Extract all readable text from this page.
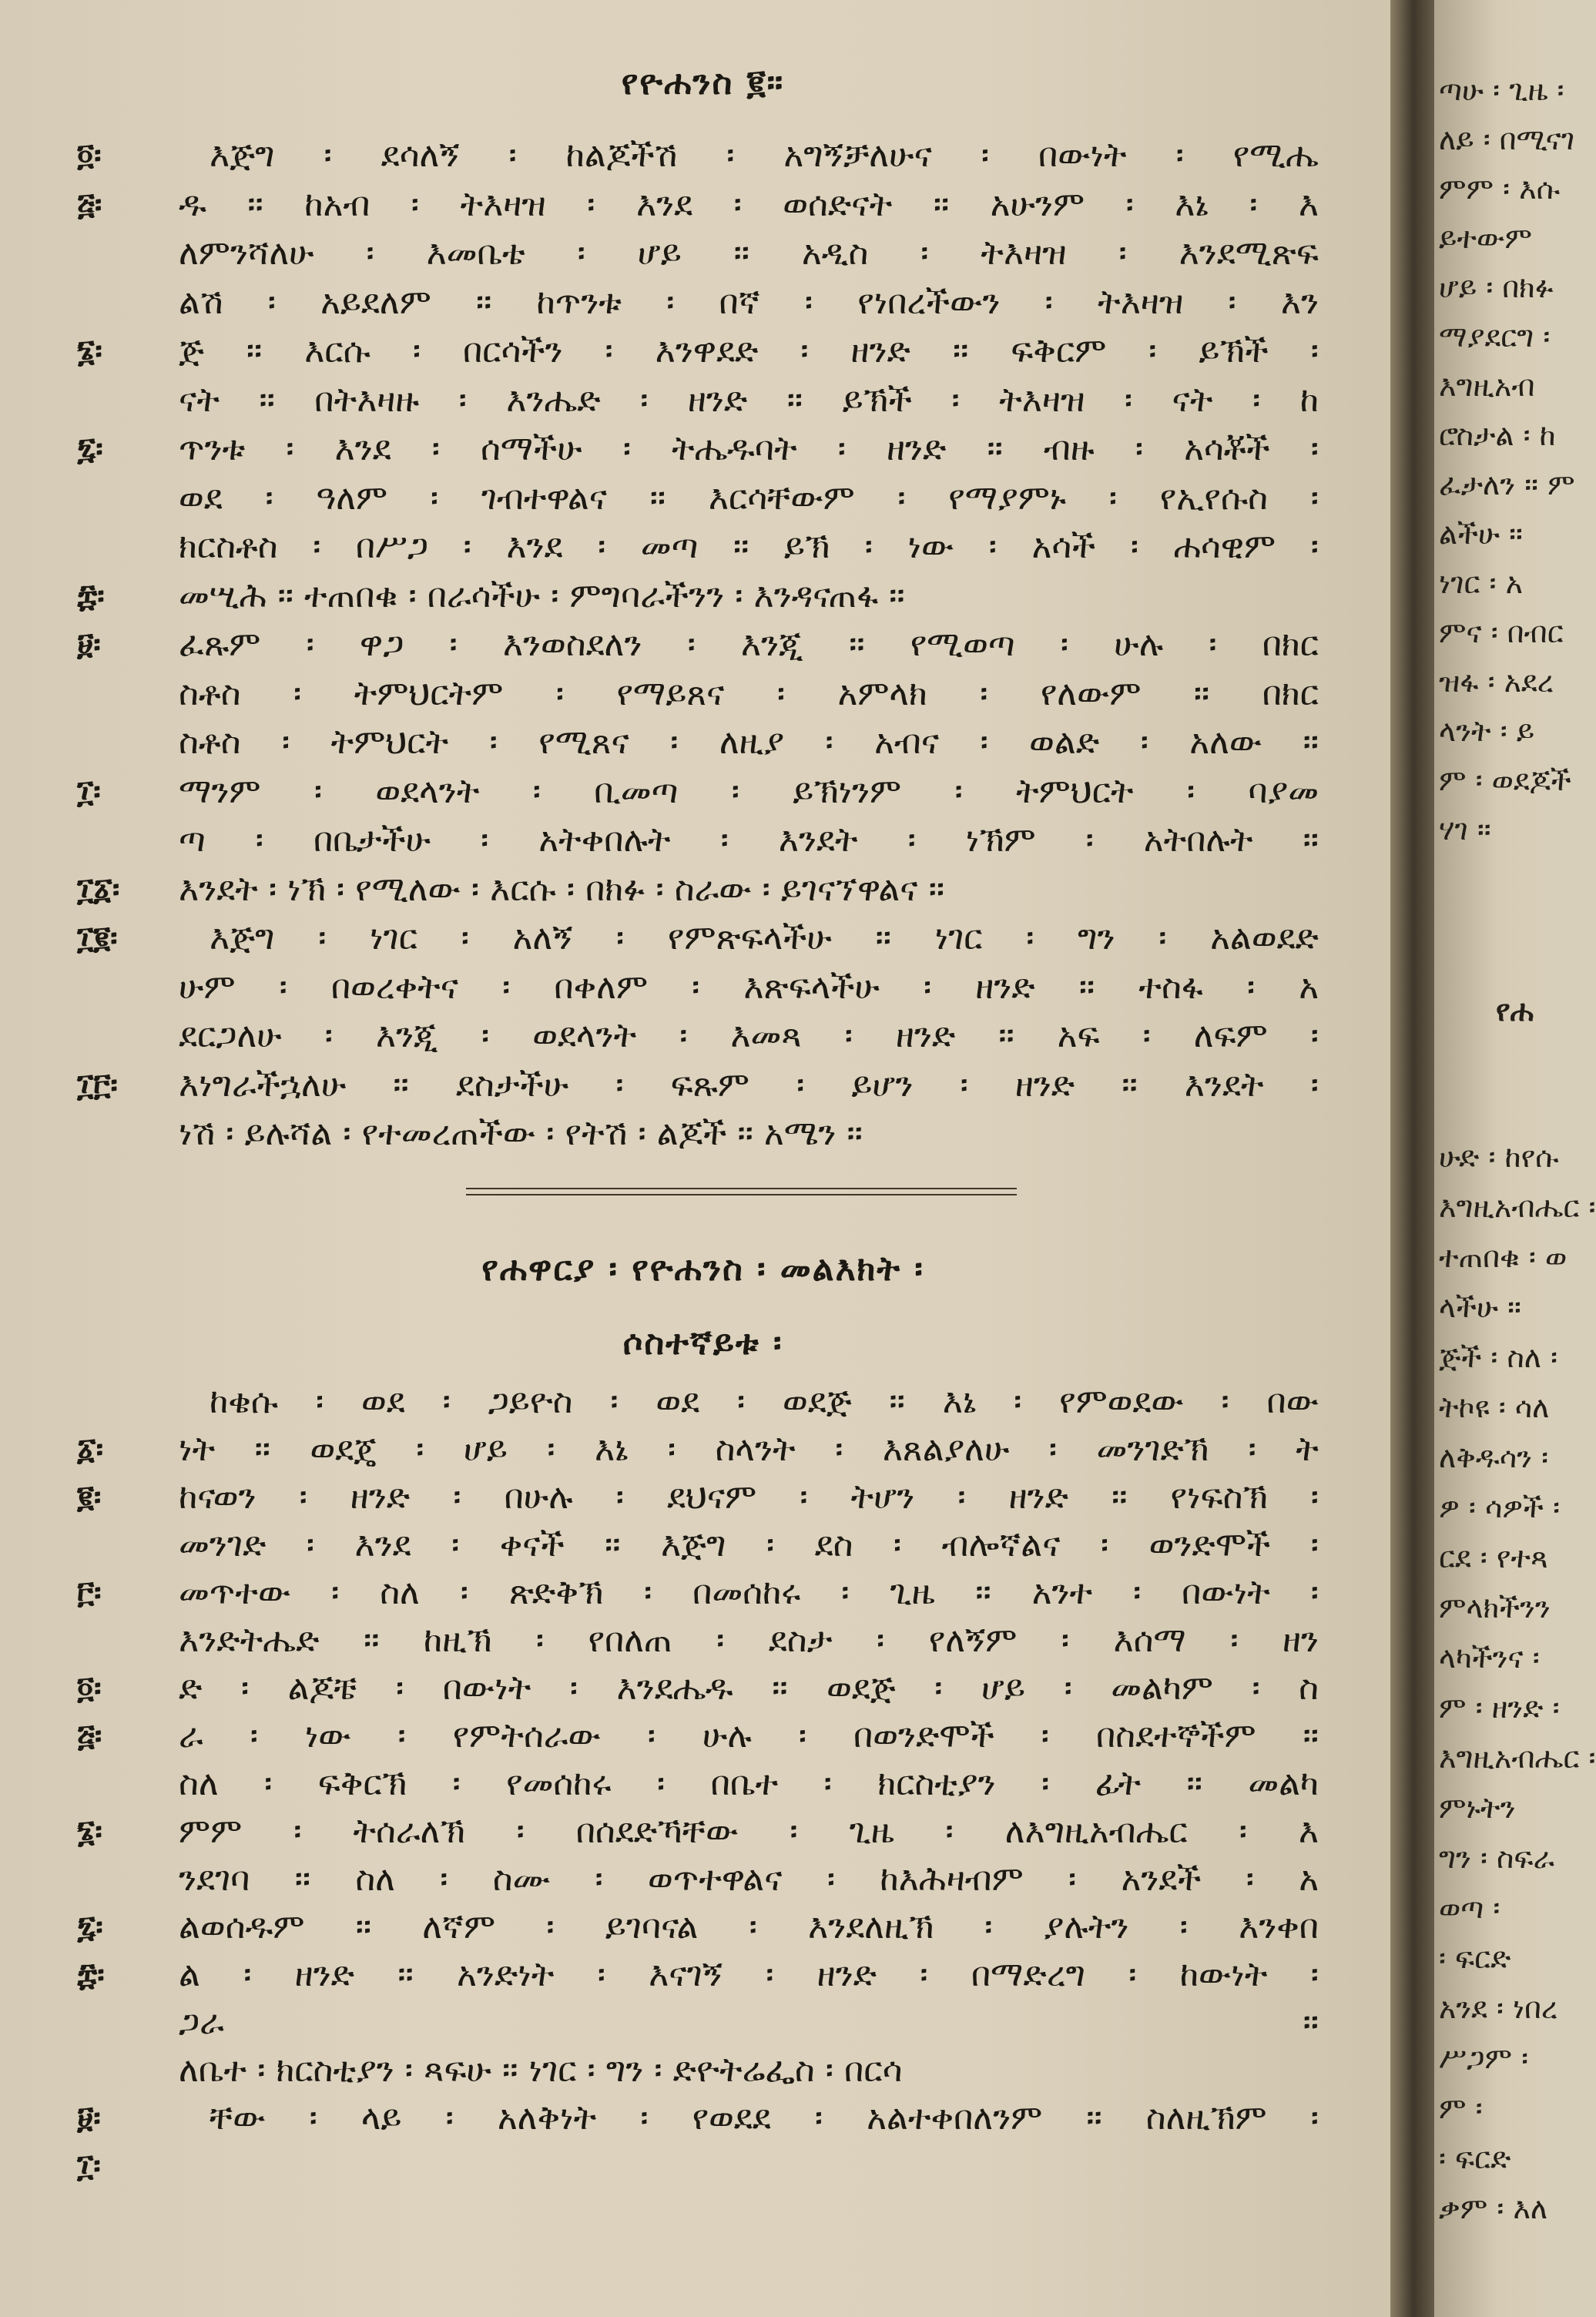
የዮሐንስ ፪።
እጅግ ፡ ደሳለኝ ፡ ከልጆችሽ ፡ አግኝቻለሁና ፡ በውነት ፡ የሚሔ
ዱ ። ከአብ ፡ ትእዛዝ ፡ እንደ ፡ ወሰድናት ። አሁንም ፡ እኔ ፡ እ
ለምንሻለሁ ፡ እመቤቴ ፡ ሆይ ። አዲስ ፡ ትእዛዝ ፡ እንደሚጽፍ
ልሽ ፡ አይደለም ። ከጥንቱ ፡ በኛ ፡ የነበረችውን ፡ ትእዛዝ ፡ እን
ጅ ። እርሱ ፡ በርሳችን ፡ እንዋደድ ፡ ዘንድ ። ፍቅርም ፡ ይኽች ፡
ናት ። በትእዛዙ ፡ እንሔድ ፡ ዘንድ ። ይኽች ፡ ትእዛዝ ፡ ናት ፡ ከ
ጥንቱ ፡ እንደ ፡ ሰማችሁ ፡ ትሔዱባት ፡ ዘንድ ። ብዙ ፡ አሳቾች ፡
ወደ ፡ ዓለም ፡ ገብተዋልና ። እርሳቸውም ፡ የማያምኑ ፡ የኢየሱስ ፡
ክርስቶስ ፡ በሥጋ ፡ እንደ ፡ መጣ ። ይኽ ፡ ነው ፡ አሳች ፡ ሐሳዊም ፡
መሢሕ ። ተጠበቁ ፡ በራሳችሁ ፡ ምግባራችንን ፡ እንዳናጠፋ ።
ፈጹም ፡ ዋጋ ፡ እንወስደለን ፡ እንጂ ። የሚወጣ ፡ ሁሉ ፡ በክር
ስቶስ ፡ ትምህርትም ፡ የማይጸና ፡ አምላክ ፡ የለውም ። በክር
ስቶስ ፡ ትምህርት ፡ የሚጸና ፡ ለዚያ ፡ አብና ፡ ወልድ ፡ አለው ።
ማንም ፡ ወደላንት ፡ ቢመጣ ፡ ይኽነንም ፡ ትምህርት ፡ ባያመ
ጣ ፡ በቤታችሁ ፡ አትቀበሉት ፡ እንደት ፡ ነኽም ፡ አትበሉት ።
እንደት ፡ ነኽ ፡ የሚለው ፡ እርሱ ፡ በክፉ ፡ ስራው ፡ ይገናኘዋልና ።
እጅግ ፡ ነገር ፡ አለኝ ፡ የምጽፍላችሁ ። ነገር ፡ ግን ፡ አልወደድ
ሁም ፡ በወረቀትና ፡ በቀለም ፡ እጽፍላችሁ ፡ ዘንድ ። ተስፋ ፡ አ
ደርጋለሁ ፡ እንጂ ፡ ወደላንት ፡ እመጻ ፡ ዘንድ ። አፍ ፡ ለፍም ፡
እነግራችኋለሁ ። ደስታችሁ ፡ ፍጹም ፡ ይሆን ፡ ዘንድ ። እንደት ፡
ነሽ ፡ ይሉሻል ፡ የተመረጠችው ፡ የትሽ ፡ ልጆች ። አሜን ።
ከቄሱ ፡ ወደ ፡ ጋይዮስ ፡ ወደ ፡ ወደጅ ። እኔ ፡ የምወደው ፡ በው
ነት ። ወደጄ ፡ ሆይ ፡ እኔ ፡ ስላንት ፡ እጸልያለሁ ፡ መንገድኽ ፡ ት
ከናወን ፡ ዘንድ ፡ በሁሉ ፡ ደህናም ፡ ትሆን ፡ ዘንድ ። የነፍስኽ ፡
መንገድ ፡ እንደ ፡ ቀናች ። እጅግ ፡ ደስ ፡ ብሎኛልና ፡ ወንድሞች ፡
መጥተው ፡ ስለ ፡ ጽድቅኽ ፡ በመሰከሩ ፡ ጊዜ ። አንተ ፡ በውነት ፡
እንድትሔድ ። ከዚኽ ፡ የበለጠ ፡ ደስታ ፡ የለኝም ፡ እሰማ ፡ ዘን
ድ ፡ ልጆቼ ፡ በውነት ፡ እንደሔዱ ። ወደጅ ፡ ሆይ ፡ መልካም ፡ ስ
ራ ፡ ነው ፡ የምትሰራው ፡ ሁሉ ፡ በወንድሞች ፡ በስደተኞችም ።
ስለ ፡ ፍቅርኽ ፡ የመሰከሩ ፡ በቤተ ፡ ክርስቲያን ፡ ፊት ። መልካ
ምም ፡ ትሰራለኽ ፡ በሰደድኻቸው ፡ ጊዜ ፡ ለእግዚአብሔር ፡ እ
ንደገባ ። ስለ ፡ ስሙ ፡ ወጥተዋልና ፡ ከእሕዛብም ፡ አንደች ፡ አ
ልወሰዱም ። ለኛም ፡ ይገባናል ፡ እንደለዚኽ ፡ ያሉትን ፡ እንቀበ
ል ፡ ዘንድ ። አንድነት ፡ እናገኝ ፡ ዘንድ ፡ በማድረግ ፡ ከውነት ፡
ጋራ ።
ለቤተ ፡ ክርስቲያን ፡ ጻፍሁ ። ነገር ፡ ግን ፡ ድዮትሬፌስ ፡ በርሳ
ቸው ፡ ላይ ፡ አለቅነት ፡ የወደደ ፡ አልተቀበለንም ። ስለዚኽም ፡
፬፡
፭፡
፮፡
፯፡
፰፡
፱፡
፲፡
፲፩፡
፲፪፡
፲፫፡
፩፡
፪፡
፫፡
፬፡
፭፡
፮፡
፯፡
፰፡
፱፡
፲፡
የሐዋርያ ፡ የዮሐንስ ፡ መልእክት ፡
ሶስተኛይቱ ፡
ጣሁ ፡ ጊዜ ፡
ለይ ፡ በሚናገ
ምም ፡ እሱ
ይተውም
ሆይ ፡ በክፉ
ማያደርግ ፡
እግዚአብ
ሮስታል ፡ ከ
ፈታለን ። ም
ልችሁ ።
ነገር ፡ አ
ምና ፡ በብር
ዝፋ ፡ አደረ
ላንት ፡ ይ
ም ፡ ወደጆች
ሃገ ።
የሐ
ሁድ ፡ ከየሱ
እግዚአብሔር ፡
ተጠበቁ ፡ ወ
ላችሁ ።
ጅች ፡ ስለ ፡
ትኮዩ ፡ ሳለ
ለቅዱሳን ፡
ዎ ፡ ሳዎች ፡
ርደ ፡ የተጻ
ምላክችንን
ላካችንና ፡
ም ፡ ዘንድ ፡
እግዚአብሔር ፡
ምኑትን
ግን ፡ ስፍራ
ወጣ ፡
፡ ፍርድ
አንደ ፡ ነበረ
ሥጋም ፡
ም ፡
፡ ፍርድ
ቃም ፡ እለ
